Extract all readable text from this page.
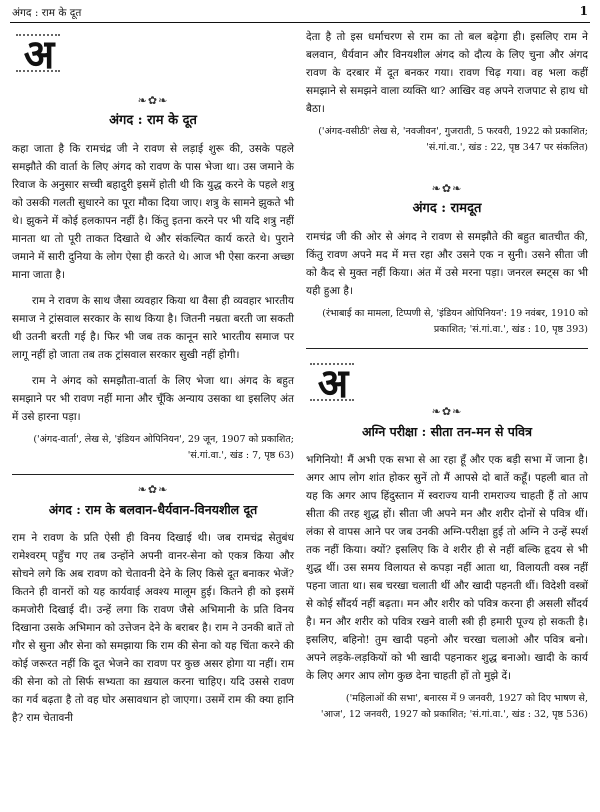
अंगद : राम के दूत	1
अ
❧✿❧
अंगद : राम के दूत

कहा जाता है कि रामचंद्र जी ने रावण से लड़ाई शुरू की, उसके पहले समझौते की वार्ता के लिए अंगद को रावण के पास भेजा था। उस जमाने के रिवाज के अनुसार सच्ची बहादुरी इसमें होती थी कि युद्ध करने के पहले शत्रु को उसकी गलती सुधारने का पूरा मौका दिया जाए। शत्रु के सामने झुकते भी थे। झुकने में कोई हलकापन नहीं है। किंतु इतना करने पर भी यदि शत्रु नहीं मानता था तो पूरी ताकत दिखाते थे और संकल्पित कार्य करते थे। पुराने जमाने में सारी दुनिया के लोग ऐसा ही करते थे। आज भी ऐसा करना अच्छा माना जाता है।

राम ने रावण के साथ जैसा व्यवहार किया था वैसा ही व्यवहार भारतीय समाज ने ट्रांसवाल सरकार के साथ किया है। जितनी नम्रता बरती जा सकती थी उतनी बरती गई है। फिर भी जब तक कानून सारे भारतीय समाज पर लागू नहीं हो जाता तब तक ट्रांसवाल सरकार सुखी नहीं होगी।

राम ने अंगद को समझौता-वार्ता के लिए भेजा था। अंगद के बहुत समझाने पर भी रावण नहीं माना और चूँकि अन्याय उसका था इसलिए अंत में उसे हारना पड़ा।

('अंगद-वार्ता', लेख से, 'इंडियन ओपिनियन', 29 जून, 1907 को प्रकाशित; 'सं.गां.वा.', खंड : 7, पृष्ठ 63)

❧✿❧
अंगद : राम के बलवान-धैर्यवान-विनयशील दूत

राम ने रावण के प्रति ऐसी ही विनय दिखाई थी। जब रामचंद्र सेतुबंध रामेश्वरम् पहुँच गए तब उन्होंने अपनी वानर-सेना को एकत्र किया और सोचने लगे कि अब रावण को चेतावनी देने के लिए किसे दूत बनाकर भेजें? कितने ही वानरों को यह कार्यवाई अवश्य मालूम हुई। कितने ही को इसमें कमजोरी दिखाई दी। उन्हें लगा कि रावण जैसे अभिमानी के प्रति विनय दिखाना उसके अभिमान को उत्तेजन देने के बराबर है। राम ने उनकी बातें तो गौर से सुना और सेना को समझाया कि राम की सेना को यह चिंता करने की कोई जरूरत नहीं कि दूत भेजने का रावण पर कुछ असर होगा या नहीं। राम की सेना को तो सिर्फ सभ्यता का ख़याल करना चाहिए। यदि उससे रावण का गर्व बढ़ता है तो वह घोर असावधान हो जाएगा। उसमें राम की क्या हानि है? राम चेतावनी

देता है तो इस धर्माचरण से राम का तो बल बढ़ेगा ही। इसलिए राम ने बलवान, धैर्यवान और विनयशील अंगद को दौत्य के लिए चुना और अंगद रावण के दरबार में दूत बनकर गया। रावण चिढ़ गया। वह भला कहीं समझाने से समझने वाला व्यक्ति था? आखिर वह अपने राजपाट से हाथ धो बैठा।

('अंगद-वसीठी' लेख से, 'नवजीवन', गुजराती, 5 फरवरी, 1922 को प्रकाशित; 'सं.गां.वा.', खंड : 22, पृष्ठ 347 पर संकलित)

❧✿❧
अंगद : रामदूत

रामचंद्र जी की ओर से अंगद ने रावण से समझौते की बहुत बातचीत की, किंतु रावण अपने मद में मत्त रहा और उसने एक न सुनी। उसने सीता जी को कैद से मुक्त नहीं किया। अंत में उसे मरना पड़ा। जनरल स्मट्स का भी यही हुआ है।

(रंभाबाई का मामला, टिप्पणी से, 'इंडियन ओपिनियन': 19 नवंबर, 1910 को प्रकाशित; 'सं.गां.वा.', खंड : 10, पृष्ठ 393)

अ
❧✿❧
अग्नि परीक्षा : सीता तन-मन से पवित्र

भगिनियो! मैं अभी एक सभा से आ रहा हूँ और एक बड़ी सभा में जाना है। अगर आप लोग शांत होकर सुनें तो मैं आपसे दो बातें कहूँ। पहली बात तो यह कि अगर आप हिंदुस्तान में स्वराज्य यानी रामराज्य चाहती हैं तो आप सीता की तरह शुद्ध हों। सीता जी अपने मन और शरीर दोनों से पवित्र थीं। लंका से वापस आने पर जब उनकी अग्नि-परीक्षा हुई तो अग्नि ने उन्हें स्पर्श तक नहीं किया। क्यों? इसलिए कि वे शरीर ही से नहीं बल्कि हृदय से भी शुद्ध थीं। उस समय विलायत से कपड़ा नहीं आता था, विलायती वस्त्र नहीं पहना जाता था। सब चरखा चलाती थीं और खादी पहनती थीं। विदेशी वस्त्रों से कोई सौंदर्य नहीं बढ़ता। मन और शरीर को पवित्र करना ही असली सौंदर्य है। मन और शरीर को पवित्र रखने वाली स्त्री ही हमारी पूज्य हो सकती है। इसलिए, बहिनो! तुम खादी पहनो और चरखा चलाओ और पवित्र बनो। अपने लड़के-लड़कियों को भी खादी पहनाकर शुद्ध बनाओ। खादी के कार्य के लिए अगर आप लोग कुछ देना चाहती हों तो मुझे दें।

('महिलाओं की सभा', बनारस में 9 जनवरी, 1927 को दिए भाषण से, 'आज', 12 जनवरी, 1927 को प्रकाशित; 'सं.गां.वा.', खंड : 32, पृष्ठ 536)
